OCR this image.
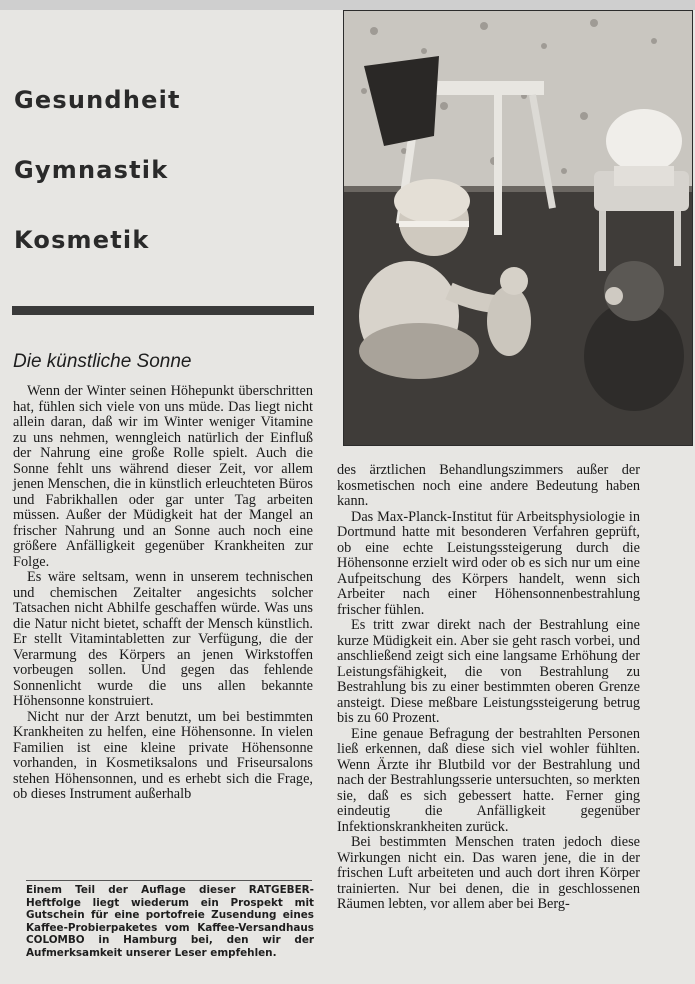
Gesundheit
Gymnastik
Kosmetik
Die künstliche Sonne

Wenn der Winter seinen Höhepunkt überschritten hat, fühlen sich viele von uns müde. Das liegt nicht allein daran, daß wir im Winter weniger Vitamine zu uns nehmen, wenngleich natürlich der Einfluß der Nahrung eine große Rolle spielt. Auch die Sonne fehlt uns während dieser Zeit, vor allem jenen Menschen, die in künstlich erleuchteten Büros und Fabrikhallen oder gar unter Tag arbeiten müssen. Außer der Müdigkeit hat der Mangel an frischer Nahrung und an Sonne auch noch eine größere Anfälligkeit gegenüber Krankheiten zur Folge.

Es wäre seltsam, wenn in unserem technischen und chemischen Zeitalter angesichts solcher Tatsachen nicht Abhilfe geschaffen würde. Was uns die Natur nicht bietet, schafft der Mensch künstlich. Er stellt Vitamintabletten zur Verfügung, die der Verarmung des Körpers an jenen Wirkstoffen vorbeugen sollen. Und gegen das fehlende Sonnenlicht wurde die uns allen bekannte Höhensonne konstruiert.

Nicht nur der Arzt benutzt, um bei bestimmten Krankheiten zu helfen, eine Höhensonne. In vielen Familien ist eine kleine private Höhensonne vorhanden, in Kosmetiksalons und Friseursalons stehen Höhensonnen, und es erhebt sich die Frage, ob dieses Instrument außerhalb

Einem Teil der Auflage dieser RATGEBER-Heftfolge liegt wiederum ein Prospekt mit Gutschein für eine portofreie Zusendung eines Kaffee-Probierpaketes vom Kaffee-Versandhaus COLOMBO in Hamburg bei, den wir der Aufmerksamkeit unserer Leser empfehlen.

des ärztlichen Behandlungszimmers außer der kosmetischen noch eine andere Bedeutung haben kann.

Das Max-Planck-Institut für Arbeitsphysiologie in Dortmund hatte mit besonderen Verfahren geprüft, ob eine echte Leistungssteigerung durch die Höhensonne erzielt wird oder ob es sich nur um eine Aufpeitschung des Körpers handelt, wenn sich Arbeiter nach einer Höhensonnenbestrahlung frischer fühlen.

Es tritt zwar direkt nach der Bestrahlung eine kurze Müdigkeit ein. Aber sie geht rasch vorbei, und anschließend zeigt sich eine langsame Erhöhung der Leistungsfähigkeit, die von Bestrahlung zu Bestrahlung bis zu einer bestimmten oberen Grenze ansteigt. Diese meßbare Leistungssteigerung betrug bis zu 60 Prozent.

Eine genaue Befragung der bestrahlten Personen ließ erkennen, daß diese sich viel wohler fühlten. Wenn Ärzte ihr Blutbild vor der Bestrahlung und nach der Bestrahlungsserie untersuchten, so merkten sie, daß es sich gebessert hatte. Ferner ging eindeutig die Anfälligkeit gegenüber Infektionskrankheiten zurück.

Bei bestimmten Menschen traten jedoch diese Wirkungen nicht ein. Das waren jene, die in der frischen Luft arbeiteten und auch dort ihren Körper trainierten. Nur bei denen, die in geschlossenen Räumen lebten, vor allem aber bei Berg-
